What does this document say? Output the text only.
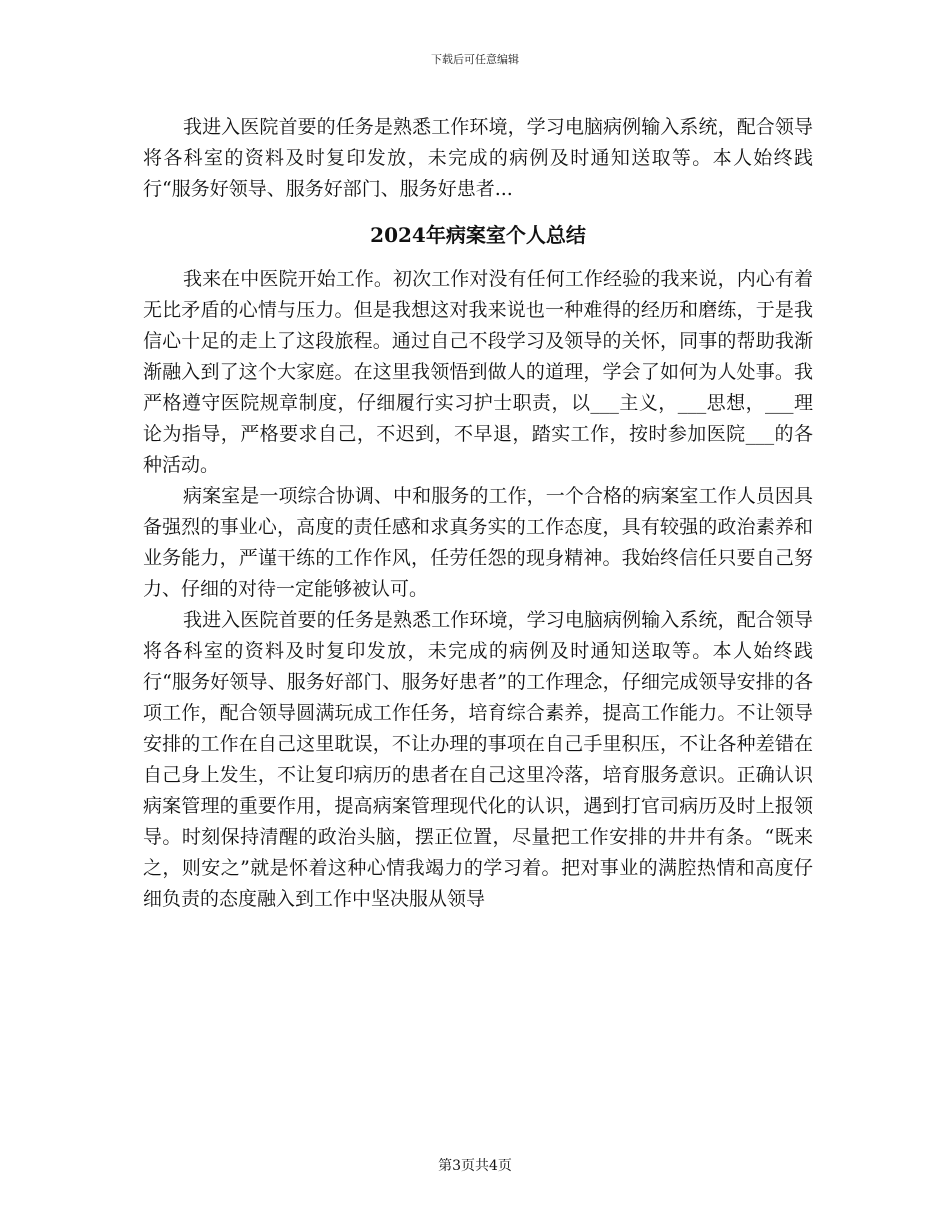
下载后可任意编辑

我进入医院首要的任务是熟悉工作环境，学习电脑病例输入系统，配合领导将各科室的资料及时复印发放，未完成的病例及时通知送取等。本人始终践行“服务好领导、服务好部门、服务好患者...

2024年病案室个人总结

我来在中医院开始工作。初次工作对没有任何工作经验的我来说，内心有着无比矛盾的心情与压力。但是我想这对我来说也一种难得的经历和磨练，于是我信心十足的走上了这段旅程。通过自己不段学习及领导的关怀，同事的帮助我渐渐融入到了这个大家庭。在这里我领悟到做人的道理，学会了如何为人处事。我严格遵守医院规章制度，仔细履行实习护士职责，以___主义，___思想，___理论为指导，严格要求自己，不迟到，不早退，踏实工作，按时参加医院___的各种活动。

病案室是一项综合协调、中和服务的工作，一个合格的病案室工作人员因具备强烈的事业心，高度的责任感和求真务实的工作态度，具有较强的政治素养和业务能力，严谨干练的工作作风，任劳任怨的现身精神。我始终信任只要自己努力、仔细的对待一定能够被认可。

我进入医院首要的任务是熟悉工作环境，学习电脑病例输入系统，配合领导将各科室的资料及时复印发放，未完成的病例及时通知送取等。本人始终践行“服务好领导、服务好部门、服务好患者”的工作理念，仔细完成领导安排的各项工作，配合领导圆满玩成工作任务，培育综合素养，提高工作能力。不让领导安排的工作在自己这里耽误，不让办理的事项在自己手里积压，不让各种差错在自己身上发生，不让复印病历的患者在自己这里冷落，培育服务意识。正确认识病案管理的重要作用，提高病案管理现代化的认识，遇到打官司病历及时上报领导。时刻保持清醒的政治头脑，摆正位置，尽量把工作安排的井井有条。“既来之，则安之”就是怀着这种心情我竭力的学习着。把对事业的满腔热情和高度仔细负责的态度融入到工作中坚决服从领导

第3页共4页
